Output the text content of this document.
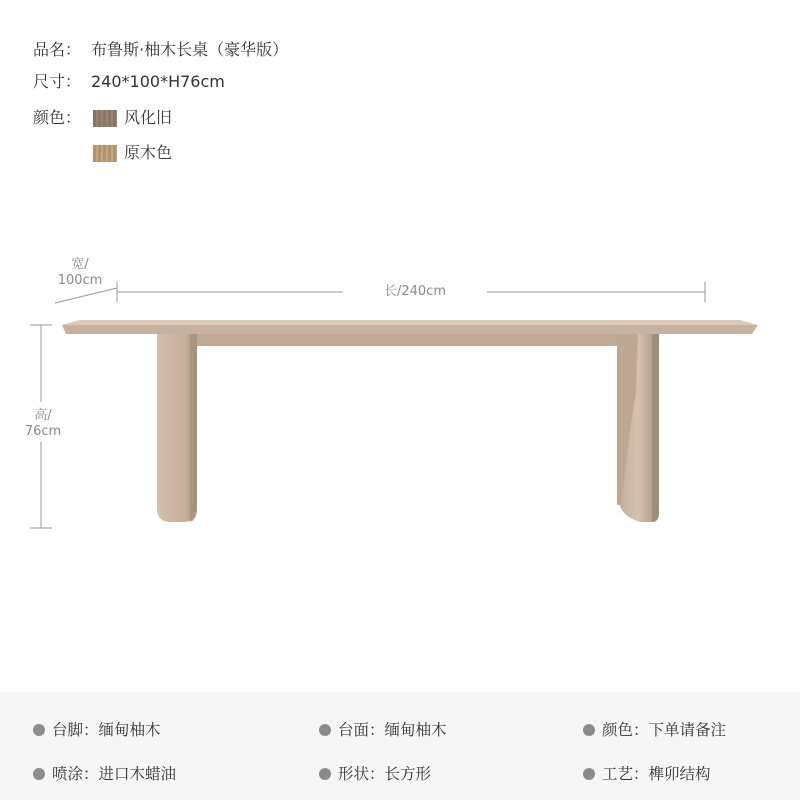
品名： 布鲁斯·柚木长桌（豪华版）
尺寸： 240*100*H76cm
颜色：	风化旧
原木色
宽/
100cm
长/240cm
高/
76cm
台脚：缅甸柚木	台面：缅甸柚木	颜色：下单请备注
喷涂：进口木蜡油	形状：长方形	工艺：榫卯结构
